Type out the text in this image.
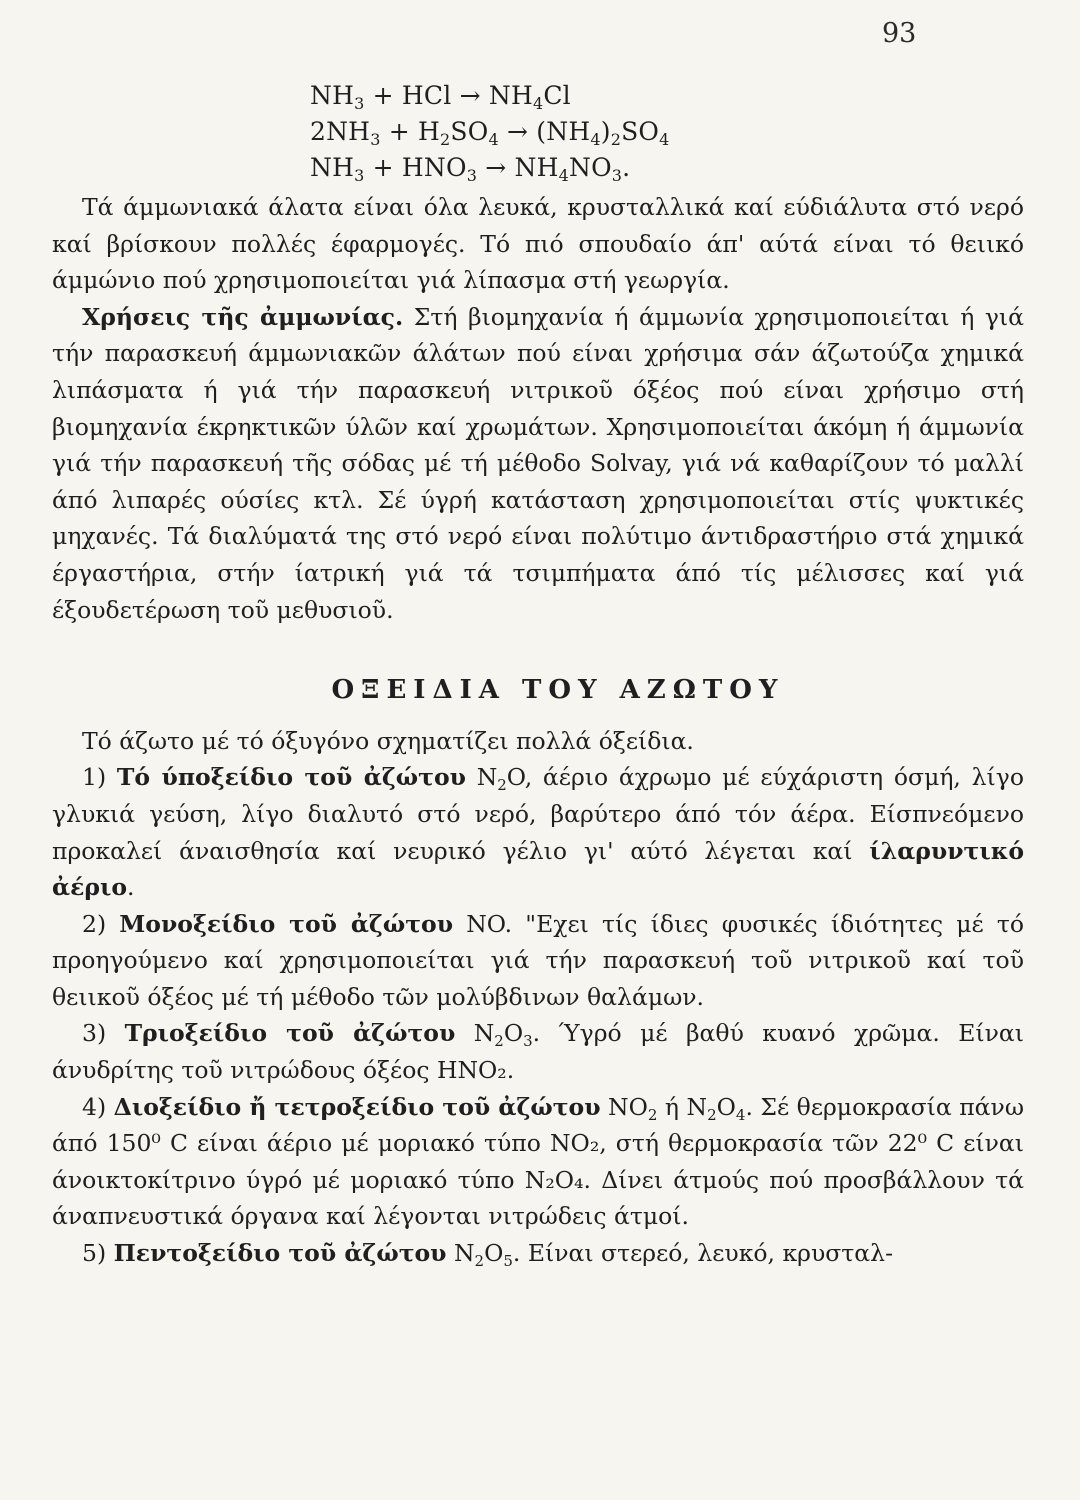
93
$NH_3$ + HCl → $NH_4Cl$
$2NH_3 + H_2SO_4 \to (NH_4)_2SO_4$
$NH_3 + HNO_3 \to NH_4NO_3$.

Τά άμμωνιακά άλατα είναι όλα λευκά, κρυσταλλικά καί εύδιάλυτα στό νερό καί βρίσκουν πολλές έφαρμογές. Τό πιό σπουδαίο άπ' αύτά είναι τό θειικό άμμώνιο πού χρησιμοποιείται γιά λίπασμα στή γεωργία.

Χρήσεις τῆς ἀμμωνίας. Στή βιομηχανία ή άμμωνία χρησιμοποιείται ή γιά τήν παρασκευή άμμωνιακῶν άλάτων πού είναι χρήσιμα σάν άζωτούζα χημικά λιπάσματα ή γιά τήν παρασκευή νιτρικοῦ όξέος πού είναι χρήσιμο στή βιομηχανία έκρηκτικῶν ύλῶν καί χρωμάτων. Χρησιμοποιείται άκόμη ή άμμωνία γιά τήν παρασκευή τῆς σόδας μέ τή μέθοδο Solvay, γιά νά καθαρίζουν τό μαλλί άπό λιπαρές ούσίες κτλ. Σέ ύγρή κατάσταση χρησιμοποιείται στίς ψυκτικές μηχανές. Τά διαλύματά της στό νερό είναι πολύτιμο άντιδραστήριο στά χημικά έργαστήρια, στήν ίατρική γιά τά τσιμπήματα άπό τίς μέλισσες καί γιά έξουδετέρωση τοῦ μεθυσιοῦ.

ΟΞΕΙΔΙΑ ΤΟΥ ΑΖΩΤΟΥ

Τό άζωτο μέ τό όξυγόνο σχηματίζει πολλά όξείδια.

1) Τό ύποξείδιο τοῦ ἀζώτου $N_2O$, άέριο άχρωμο μέ εύχάριστη όσμή, λίγο γλυκιά γεύση, λίγο διαλυτό στό νερό, βαρύτερο άπό τόν άέρα. Είσπνεόμενο προκαλεί άναισθησία καί νευρικό γέλιο γι' αύτό λέγεται καί ίλαρυντικό ἀέριο.

2) Μονοξείδιο τοῦ ἀζώτου NO. "Εχει τίς ίδιες φυσικές ίδιότητες μέ τό προηγούμενο καί χρησιμοποιείται γιά τήν παρασκευή τοῦ νιτρικοῦ καί τοῦ θειικοῦ όξέος μέ τή μέθοδο τῶν μολύβδινων θαλάμων.

3) Τριοξείδιο τοῦ ἀζώτου $N_2O_3$. Ύγρό μέ βαθύ κυανό χρῶμα. Είναι άνυδρίτης τοῦ νιτρώδους όξέος HNO₂.

4) Διοξείδιο ἤ τετροξείδιο τοῦ ἀζώτου $NO_2$ ή $N_2O_4$. Σέ θερμοκρασία πάνω άπό 150⁰ C είναι άέριο μέ μοριακό τύπο NO₂, στή θερμοκρασία τῶν 22⁰ C είναι άνοικτοκίτρινο ύγρό μέ μοριακό τύπο N₂O₄. Δίνει άτμούς πού προσβάλλουν τά άναπνευστικά όργανα καί λέγονται νιτρώδεις άτμοί.

5) Πεντοξείδιο τοῦ ἀζώτου $N_2O_5$. Είναι στερεό, λευκό, κρυσταλ-
